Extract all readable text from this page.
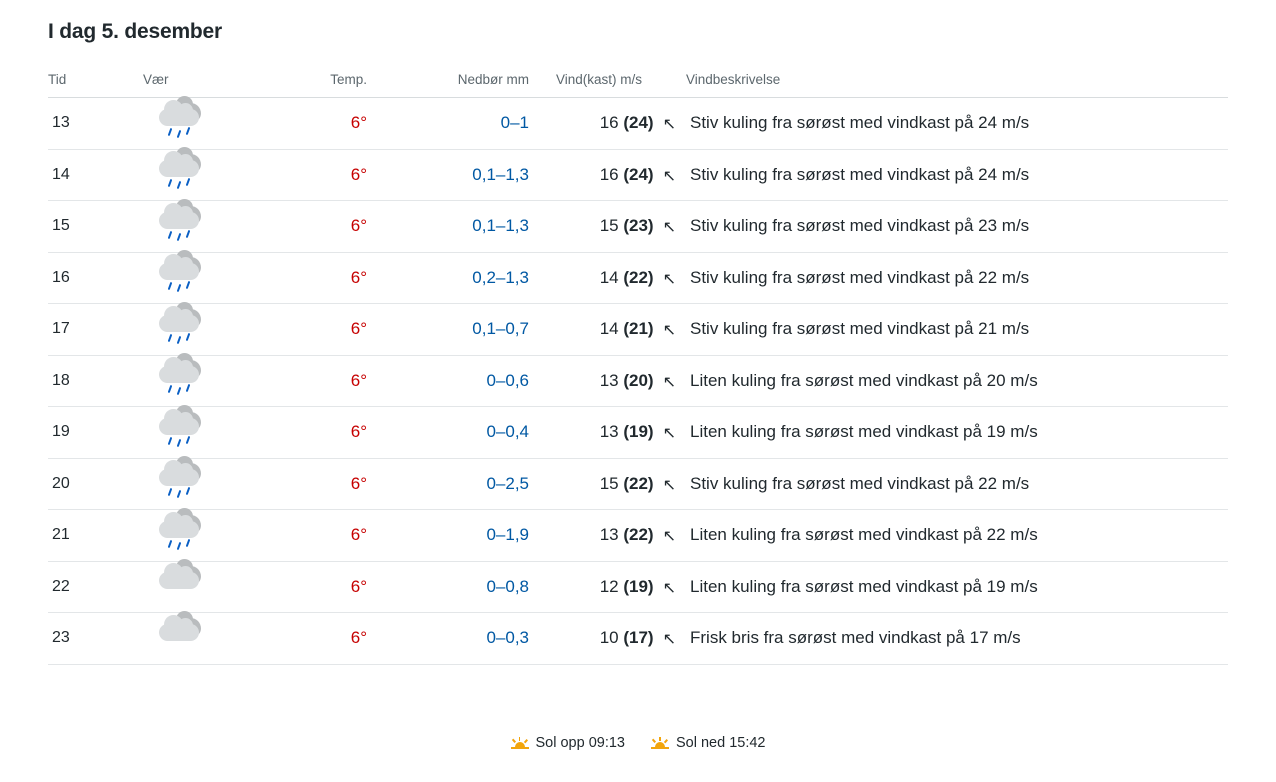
I dag 5. desember
Tid	Vær	Temp.	Nedbør mm	Vind(kast) m/s	Vindbeskrivelse
13		6°	0–1	16 (24) ↖	Stiv kuling fra sørøst med vindkast på 24 m/s
14		6°	0,1–1,3	16 (24) ↖	Stiv kuling fra sørøst med vindkast på 24 m/s
15		6°	0,1–1,3	15 (23) ↖	Stiv kuling fra sørøst med vindkast på 23 m/s
16		6°	0,2–1,3	14 (22) ↖	Stiv kuling fra sørøst med vindkast på 22 m/s
17		6°	0,1–0,7	14 (21) ↖	Stiv kuling fra sørøst med vindkast på 21 m/s
18		6°	0–0,6	13 (20) ↖	Liten kuling fra sørøst med vindkast på 20 m/s
19		6°	0–0,4	13 (19) ↖	Liten kuling fra sørøst med vindkast på 19 m/s
20		6°	0–2,5	15 (22) ↖	Stiv kuling fra sørøst med vindkast på 22 m/s
21		6°	0–1,9	13 (22) ↖	Liten kuling fra sørøst med vindkast på 22 m/s
22		6°	0–0,8	12 (19) ↖	Liten kuling fra sørøst med vindkast på 19 m/s
23		6°	0–0,3	10 (17) ↖	Frisk bris fra sørøst med vindkast på 17 m/s
Sol opp 09:13	Sol ned 15:42
